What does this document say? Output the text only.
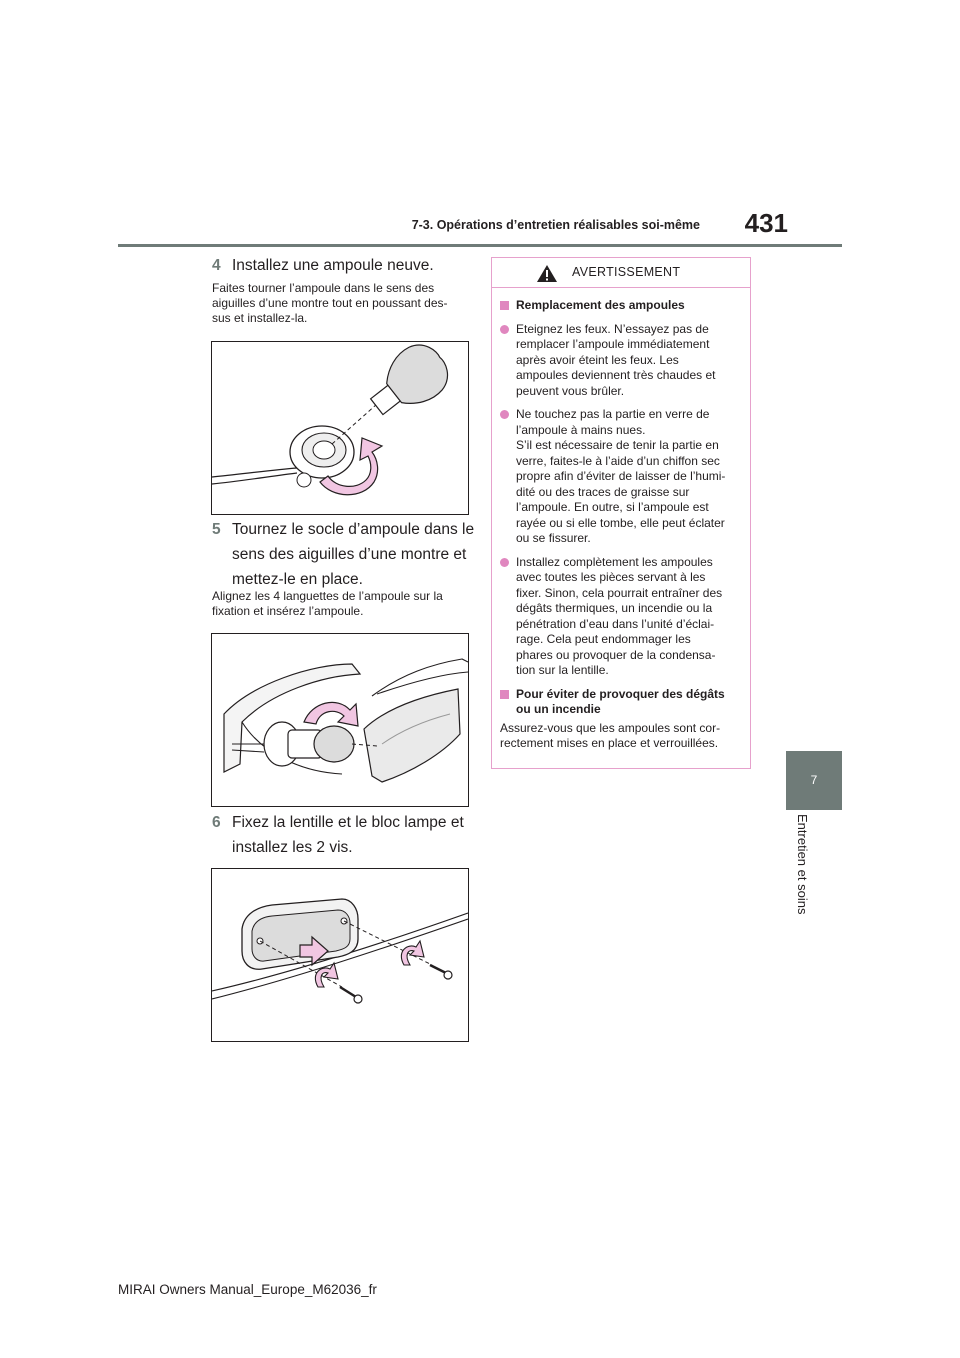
7-3. Opérations d’entretien réalisables soi-même	431
7
Entretien et soins
4 Installez une ampoule neuve.
Faites tourner l’ampoule dans le sens des
aiguilles d’une montre tout en poussant des-
sus et installez-la.
5 Tournez le socle d’ampoule dans le
sens des aiguilles d’une montre et
mettez-le en place.
Alignez les 4 languettes de l’ampoule sur la
fixation et insérez l’ampoule.
6 Fixez la lentille et le bloc lampe et
installez les 2 vis.
AVERTISSEMENT
Remplacement des ampoules
Eteignez les feux. N’essayez pas de
remplacer l’ampoule immédiatement
après avoir éteint les feux. Les
ampoules deviennent très chaudes et
peuvent vous brûler.
Ne touchez pas la partie en verre de
l’ampoule à mains nues.
S’il est nécessaire de tenir la partie en
verre, faites-le à l’aide d’un chiffon sec
propre afin d’éviter de laisser de l’humi-
dité ou des traces de graisse sur
l’ampoule. En outre, si l’ampoule est
rayée ou si elle tombe, elle peut éclater
ou se fissurer.
Installez complètement les ampoules
avec toutes les pièces servant à les
fixer. Sinon, cela pourrait entraîner des
dégâts thermiques, un incendie ou la
pénétration d’eau dans l’unité d’éclai-
rage. Cela peut endommager les
phares ou provoquer de la condensa-
tion sur la lentille.
Pour éviter de provoquer des dégâts
ou un incendie
Assurez-vous que les ampoules sont cor-
rectement mises en place et verrouillées.
MIRAI Owners Manual_Europe_M62036_fr
